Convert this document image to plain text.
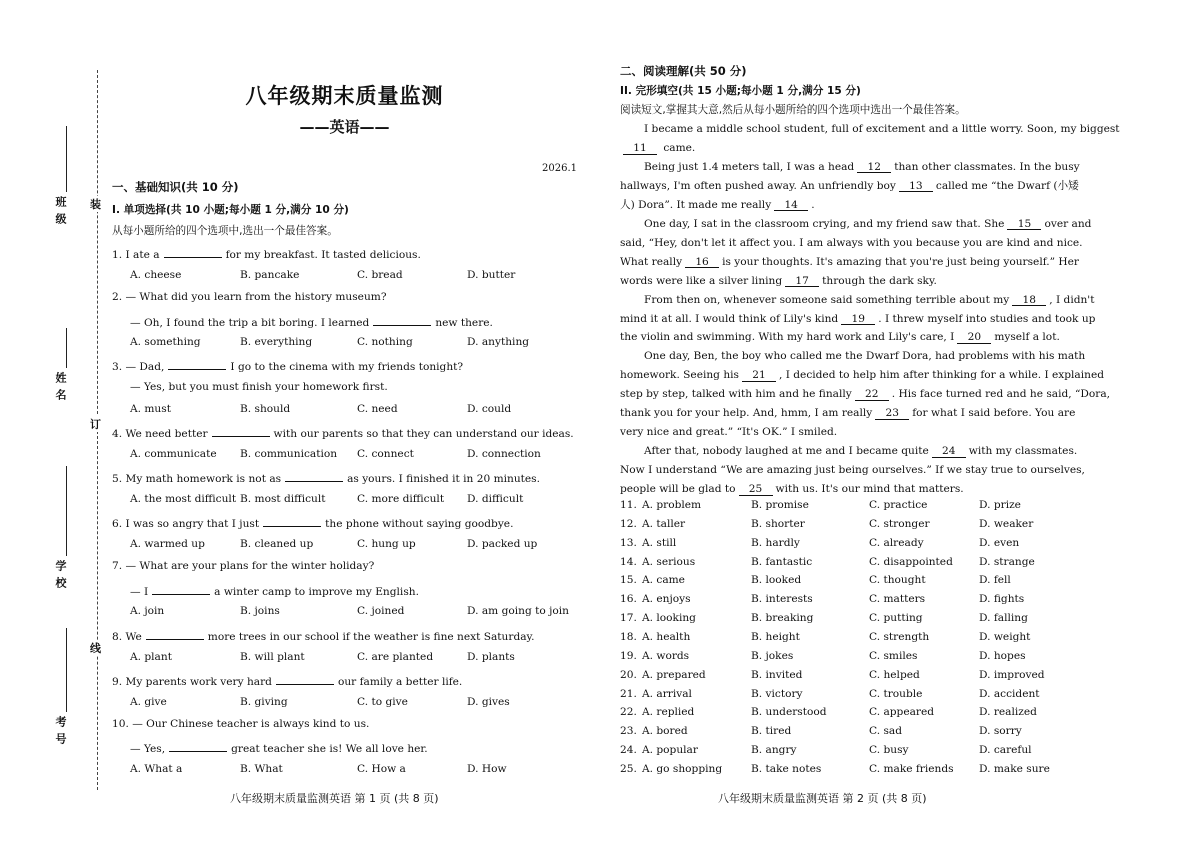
班级
姓名
学校
考号
装
订
线
八年级期末质量监测
——英语——
2026.1
一、基础知识(共 10 分)
I. 单项选择(共 10 小题;每小题 1 分,满分 10 分)
从每小题所给的四个选项中,选出一个最佳答案。
1. I ate a	for my breakfast. It tasted delicious.
A. cheese	B. pancake	C. bread	D. butter
2. — What did you learn from the history museum?
— Oh, I found the trip a bit boring. I learned	new there.
A. something	B. everything	C. nothing	D. anything
3. — Dad,	I go to the cinema with my friends tonight?
— Yes, but you must finish your homework first.
A. must	B. should	C. need	D. could
4. We need better	with our parents so that they can understand our ideas.
A. communicate B. communication C. connect	D. connection
5. My math homework is not as	as yours. I finished it in 20 minutes.
A. the most difficult B. most difficult	C. more difficult D. difficult
6. I was so angry that I just	the phone without saying goodbye.
A. warmed up	B. cleaned up	C. hung up	D. packed up
7. — What are your plans for the winter holiday?
— I	a winter camp to improve my English.
A. join	B. joins	C. joined	D. am going to join
8. We	more trees in our school if the weather is fine next Saturday.
A. plant	B. will plant	C. are planted	D. plants
9. My parents work very hard	our family a better life.
A. give	B. giving	C. to give	D. gives
10. — Our Chinese teacher is always kind to us.
— Yes,	great teacher she is! We all love her.
A. What a	B. What	C. How a	D. How
八年级期末质量监测英语 第 1 页 (共 8 页)
二、阅读理解(共 50 分)
II. 完形填空(共 15 小题;每小题 1 分,满分 15 分)
阅读短文,掌握其大意,然后从每小题所给的四个选项中选出一个最佳答案。
I became a middle school student, full of excitement and a little worry. Soon, my biggest
11 came.
Being just 1.4 meters tall, I was a head 12 than other classmates. In the busy
hallways, I'm often pushed away. An unfriendly boy 13 called me “the Dwarf (小矮
人) Dora”. It made me really 14 .
One day, I sat in the classroom crying, and my friend saw that. She 15 over and
said, “Hey, don't let it affect you. I am always with you because you are kind and nice.
What really 16 is your thoughts. It's amazing that you're just being yourself.” Her
words were like a silver lining 17 through the dark sky.
From then on, whenever someone said something terrible about my 18 , I didn't
mind it at all. I would think of Lily's kind 19 . I threw myself into studies and took up
the violin and swimming. With my hard work and Lily's care, I 20 myself a lot.
One day, Ben, the boy who called me the Dwarf Dora, had problems with his math
homework. Seeing his 21 , I decided to help him after thinking for a while. I explained
step by step, talked with him and he finally 22 . His face turned red and he said, “Dora,
thank you for your help. And, hmm, I am really 23 for what I said before. You are
very nice and great.” “It's OK.” I smiled.
After that, nobody laughed at me and I became quite 24 with my classmates.
Now I understand “We are amazing just being ourselves.” If we stay true to ourselves,
people will be glad to 25 with us. It's our mind that matters.
11. A. problem	B. promise	C. practice	D. prize
12. A. taller	B. shorter	C. stronger	D. weaker
13. A. still	B. hardly	C. already	D. even
14. A. serious	B. fantastic	C. disappointed D. strange
15. A. came	B. looked	C. thought	D. fell
16. A. enjoys	B. interests	C. matters	D. fights
17. A. looking	B. breaking	C. putting	D. falling
18. A. health	B. height	C. strength	D. weight
19. A. words	B. jokes	C. smiles	D. hopes
20. A. prepared	B. invited	C. helped	D. improved
21. A. arrival	B. victory	C. trouble	D. accident
22. A. replied	B. understood	C. appeared	D. realized
23. A. bored	B. tired	C. sad	D. sorry
24. A. popular	B. angry	C. busy	D. careful
25. A. go shopping	B. take notes	C. make friends D. make sure
八年级期末质量监测英语 第 2 页 (共 8 页)
